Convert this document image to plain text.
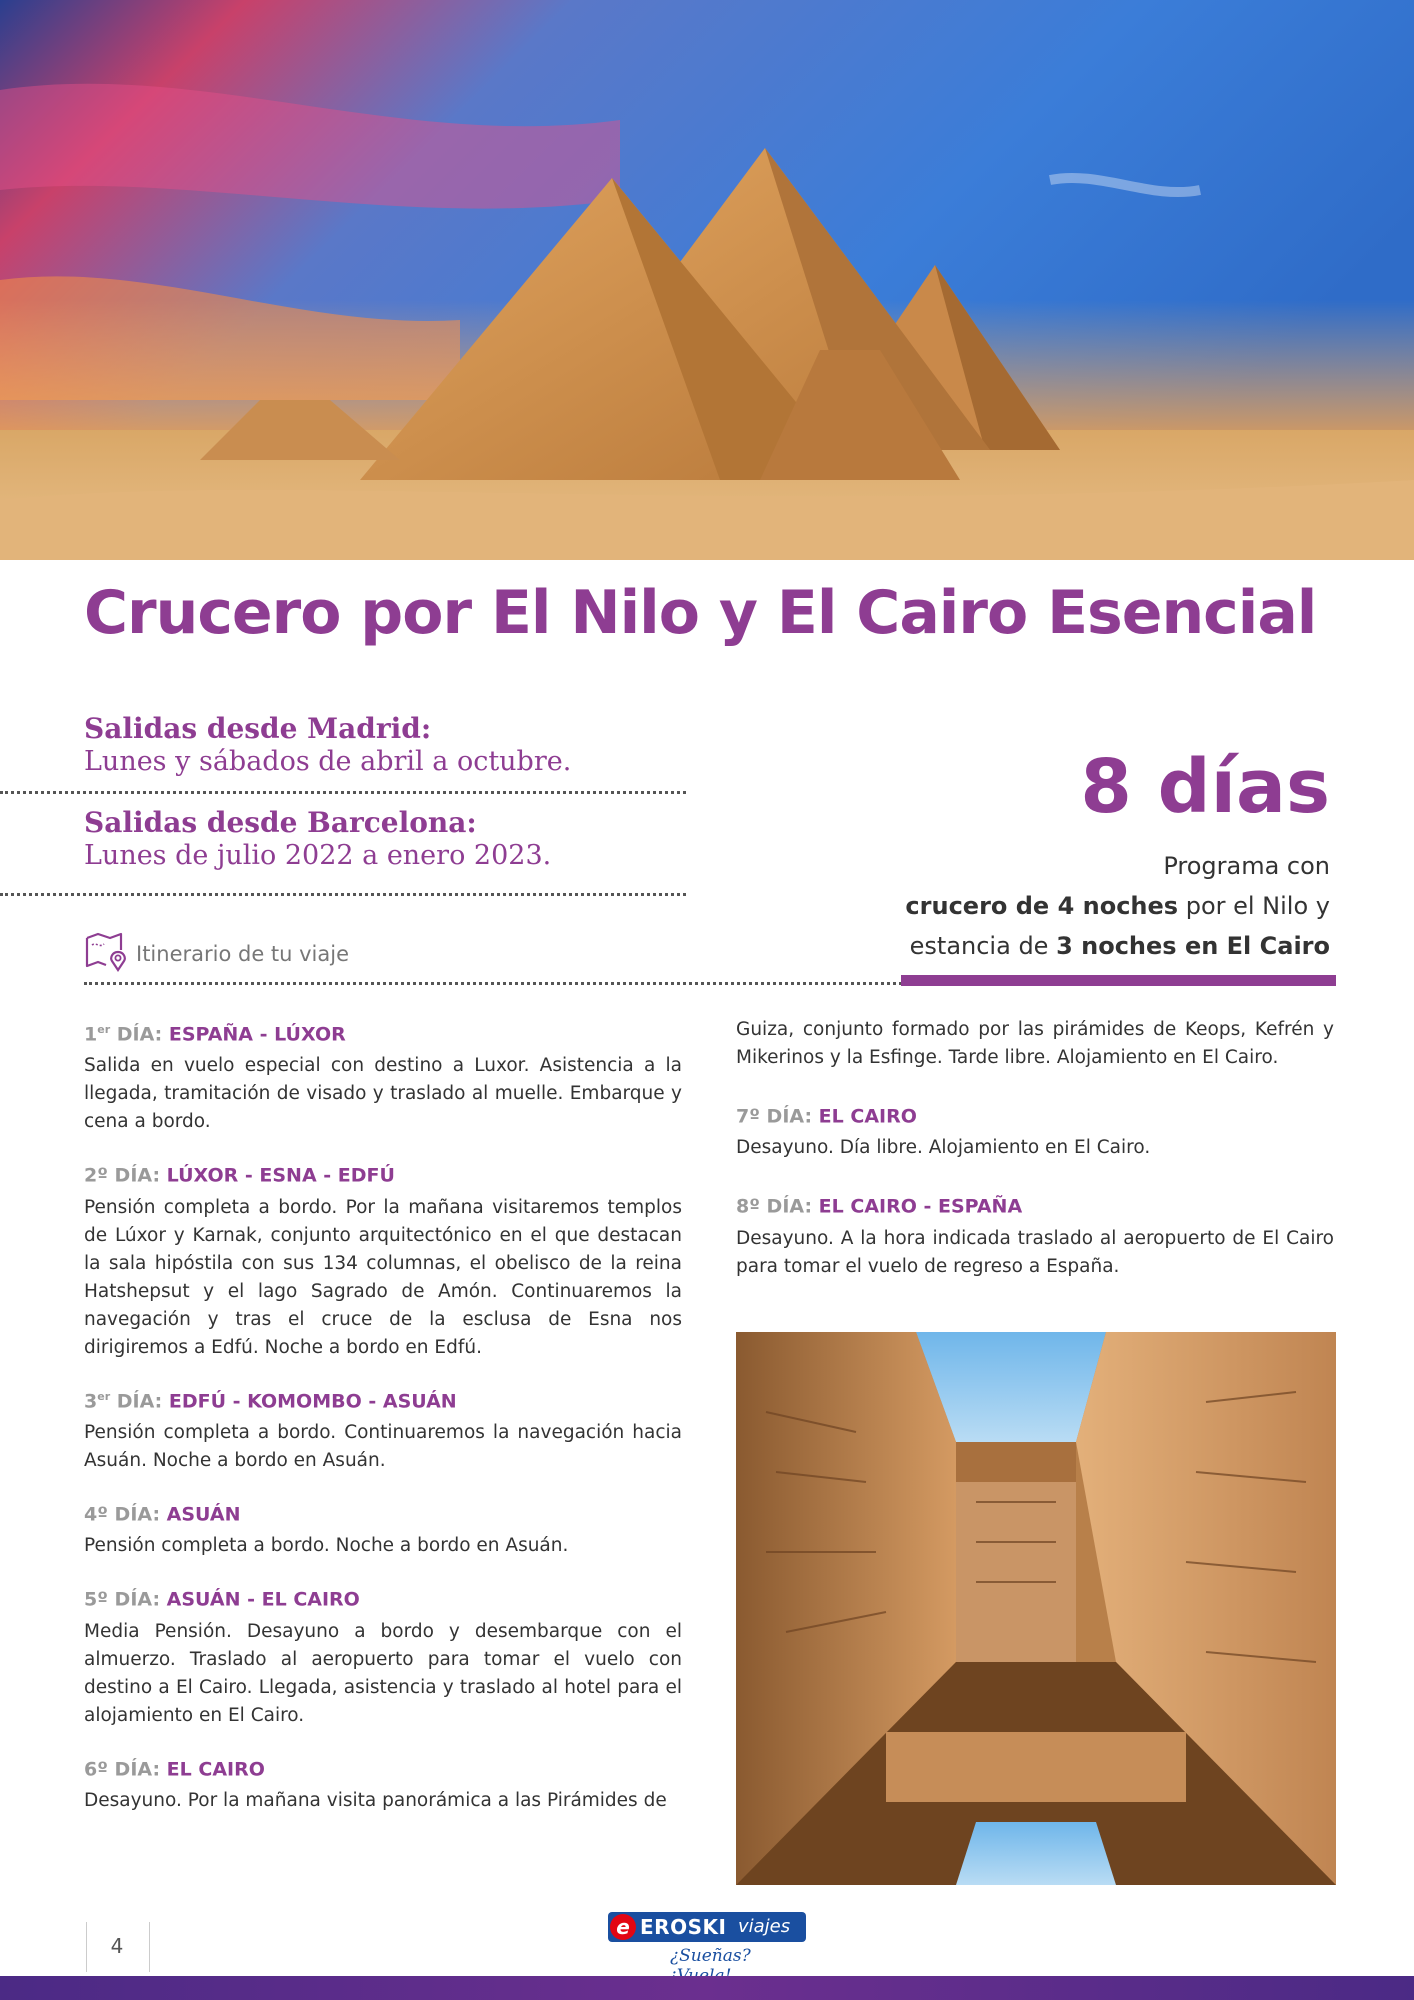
Crucero por El Nilo y El Cairo Esencial
Salidas desde Madrid:
Lunes y sábados de abril a octubre.
Salidas desde Barcelona:
Lunes de julio 2022 a enero 2023.
8 días
Programa con
crucero de 4 noches por el Nilo y
estancia de 3 noches en El Cairo
Itinerario de tu viaje
1er DÍA: ESPAÑA - LÚXOR

Salida en vuelo especial con destino a Luxor. Asistencia a la llegada, tramitación de visado y traslado al muelle. Embarque y cena a bordo.

2º DÍA: LÚXOR - ESNA - EDFÚ

Pensión completa a bordo. Por la mañana visitaremos templos de Lúxor y Karnak, conjunto arquitectónico en el que destacan la sala hipóstila con sus 134 columnas, el obelisco de la reina Hatshepsut y el lago Sagrado de Amón. Continuaremos la navegación y tras el cruce de la esclusa de Esna nos dirigiremos a Edfú. Noche a bordo en Edfú.

3er DÍA: EDFÚ - KOMOMBO - ASUÁN

Pensión completa a bordo. Continuaremos la navegación hacia Asuán. Noche a bordo en Asuán.

4º DÍA: ASUÁN

Pensión completa a bordo. Noche a bordo en Asuán.

5º DÍA: ASUÁN - EL CAIRO

Media Pensión. Desayuno a bordo y desembarque con el almuerzo. Traslado al aeropuerto para tomar el vuelo con destino a El Cairo. Llegada, asistencia y traslado al hotel para el alojamiento en El Cairo.

6º DÍA: EL CAIRO

Desayuno. Por la mañana visita panorámica a las Pirámides de

Guiza, conjunto formado por las pirámides de Keops, Kefrén y Mikerinos y la Esfinge. Tarde libre. Alojamiento en El Cairo.

7º DÍA: EL CAIRO

Desayuno. Día libre. Alojamiento en El Cairo.

8º DÍA: EL CAIRO - ESPAÑA

Desayuno. A la hora indicada traslado al aeropuerto de El Cairo para tomar el vuelo de regreso a España.

4
e EROSKI viajes
¿Sueñas?
